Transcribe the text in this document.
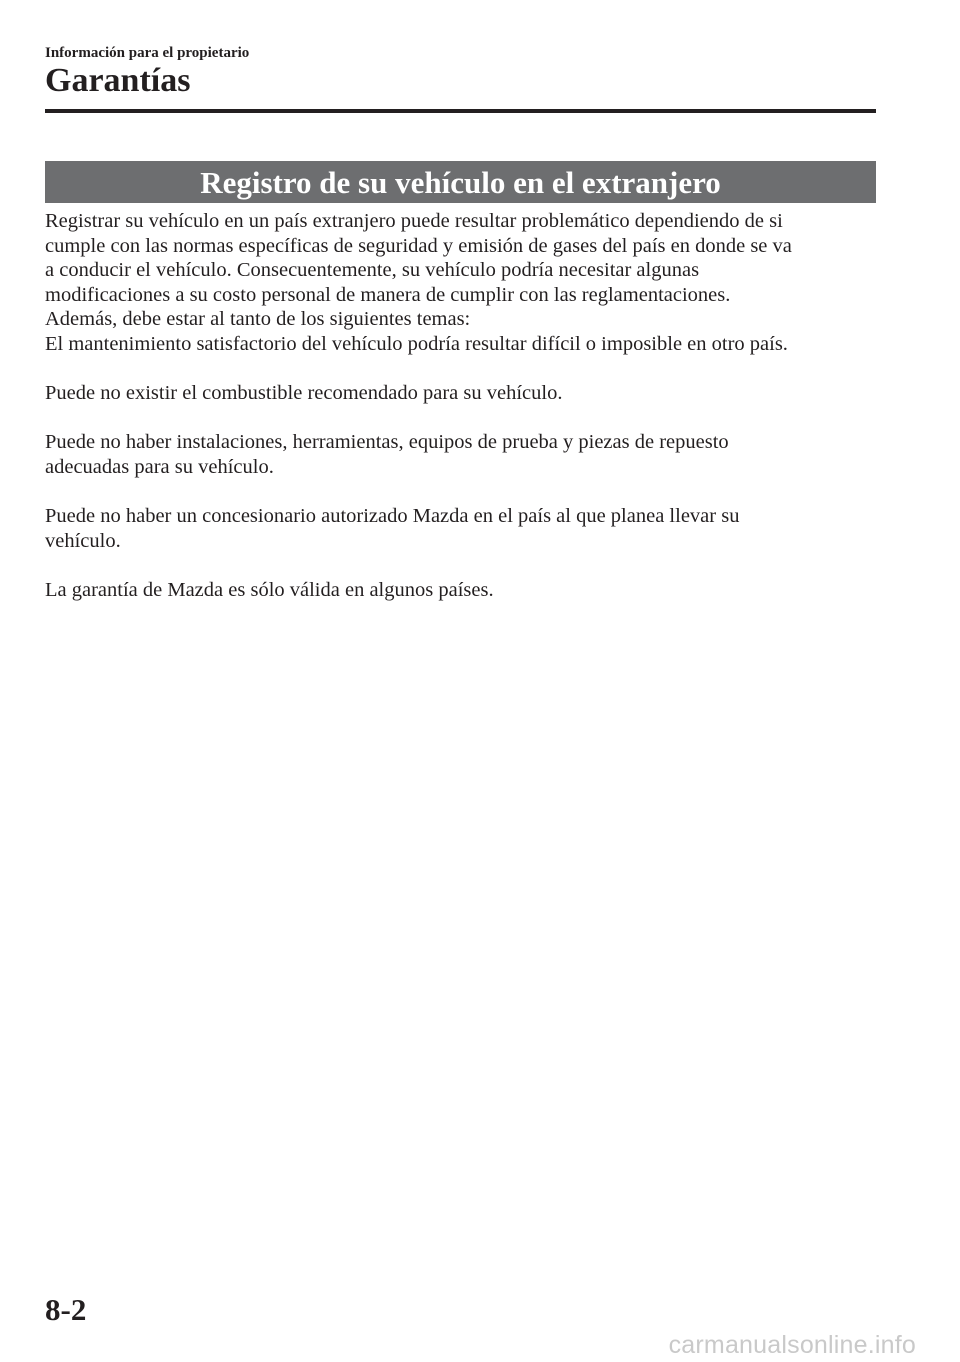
Información para el propietario
Garantías
Registro de su vehículo en el extranjero

Registrar su vehículo en un país extranjero puede resultar problemático dependiendo de si
cumple con las normas específicas de seguridad y emisión de gases del país en donde se va
a conducir el vehículo. Consecuentemente, su vehículo podría necesitar algunas
modificaciones a su costo personal de manera de cumplir con las reglamentaciones.
Además, debe estar al tanto de los siguientes temas:
El mantenimiento satisfactorio del vehículo podría resultar difícil o imposible en otro país.

Puede no existir el combustible recomendado para su vehículo.

Puede no haber instalaciones, herramientas, equipos de prueba y piezas de repuesto
adecuadas para su vehículo.

Puede no haber un concesionario autorizado Mazda en el país al que planea llevar su
vehículo.

La garantía de Mazda es sólo válida en algunos países.

8-2
carmanualsonline.info
